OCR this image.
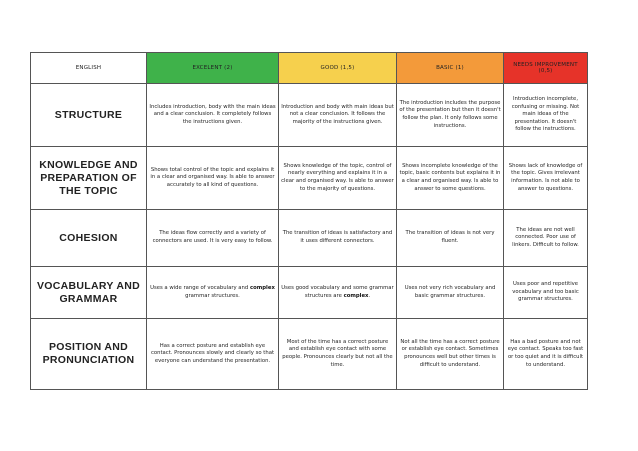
ENGLISH	EXCELENT (2)	GOOD (1,5)	BASIC (1)	NEEDS IMPROVEMENT (0,5)
STRUCTURE	Includes introduction, body with the main ideas and a clear conclusion. It completely follows the instructions given.	Introduction and body with main ideas but not a clear conclusion. It follows the majority of the instructions given.	The introduction includes the purpose of the presentation but then it doesn't follow the plan. It only follows some instructions.	Introduction incomplete, confusing or missing. Not main ideas of the presentation. It doesn't follow the instructions.
KNOWLEDGE AND PREPARATION OF THE TOPIC	Shows total control of the topic and explains it in a clear and organised way. Is able to answer accurately to all kind of questions.	Shows knowledge of the topic, control of nearly everything and explains it in a clear and organised way. Is able to answer to the majority of questions.	Shows incomplete knowledge of the topic, basic contents but explains it in a clear and organised way. Is able to answer to some questions.	Shows lack of knowledge of the topic. Gives irrelevant information. Is not able to answer to questions.
COHESION	The ideas flow correctly and a variety of connectors are used. It is very easy to follow.	The transition of ideas is satisfactory and it uses different connectors.	The transition of ideas is not very fluent.	The ideas are not well connected. Poor use of linkers. Difficult to follow.
VOCABULARY AND GRAMMAR	Uses a wide range of vocabulary and complex grammar structures.	Uses good vocabulary and some grammar structures are complex.	Uses not very rich vocabulary and basic grammar structures.	Uses poor and repetitive vocabulary and too basic grammar structures.
POSITION AND PRONUNCIATION	Has a correct posture and establish eye contact. Pronounces slowly and clearly so that everyone can understand the presentation.	Most of the time has a correct posture and establish eye contact with some people. Pronounces clearly but not all the time.	Not all the time has a correct posture or establish eye contact. Sometimes pronounces well but other times is difficult to understand.	Has a bad posture and not eye contact. Speaks too fast or too quiet and it is difficult to understand.
